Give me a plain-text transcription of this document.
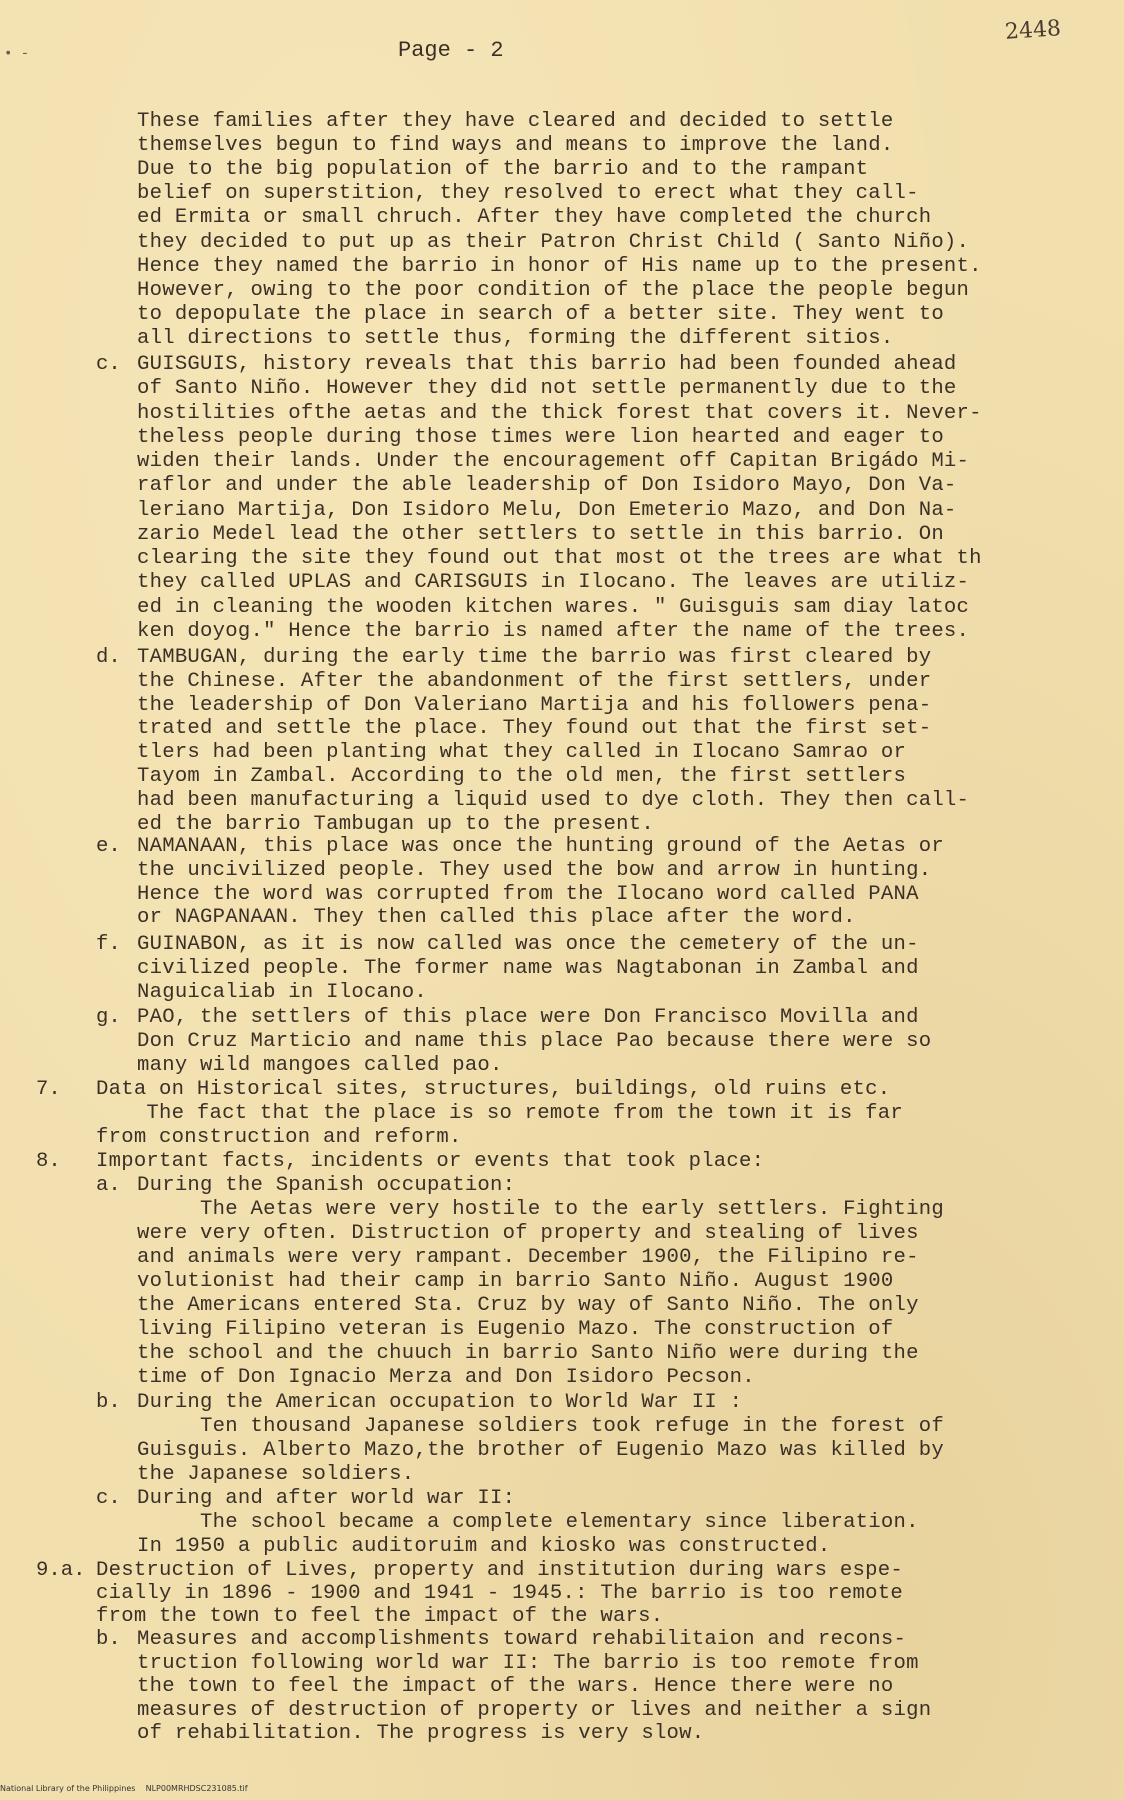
• -	Page - 2
2448
These families after they have cleared and decided to settle
themselves begun to find ways and means to improve the land.
Due to the big population of the barrio and to the rampant
belief on superstition, they resolved to erect what they call-
ed Ermita or small chruch. After they have completed the church
they decided to put up as their Patron Christ Child ( Santo Niño).
Hence they named the barrio in honor of His name up to the present.
However, owing to the poor condition of the place the people begun
to depopulate the place in search of a better site. They went to
all directions to settle thus, forming the different sitios.
c. GUISGUIS, history reveals that this barrio had been founded ahead
of Santo Niño. However they did not settle permanently due to the
hostilities ofthe aetas and the thick forest that covers it. Never-
theless people during those times were lion hearted and eager to
widen their lands. Under the encouragement off Capitan Brigádo Mi-
raflor and under the able leadership of Don Isidoro Mayo, Don Va-
leriano Martija, Don Isidoro Melu, Don Emeterio Mazo, and Don Na-
zario Medel lead the other settlers to settle in this barrio. On
clearing the site they found out that most ot the trees are what th
they called UPLAS and CARISGUIS in Ilocano. The leaves are utiliz-
ed in cleaning the wooden kitchen wares. " Guisguis sam diay latoc
ken doyog." Hence the barrio is named after the name of the trees.
d. TAMBUGAN, during the early time the barrio was first cleared by
the Chinese. After the abandonment of the first settlers, under
the leadership of Don Valeriano Martija and his followers pena-
trated and settle the place. They found out that the first set-
tlers had been planting what they called in Ilocano Samrao or
Tayom in Zambal. According to the old men, the first settlers
had been manufacturing a liquid used to dye cloth. They then call-
ed the barrio Tambugan up to the present.
e. NAMANAAN, this place was once the hunting ground of the Aetas or
the uncivilized people. They used the bow and arrow in hunting.
Hence the word was corrupted from the Ilocano word called PANA
or NAGPANAAN. They then called this place after the word.
f. GUINABON, as it is now called was once the cemetery of the un-
civilized people. The former name was Nagtabonan in Zambal and
Naguicaliab in Ilocano.
g. PAO, the settlers of this place were Don Francisco Movilla and
Don Cruz Marticio and name this place Pao because there were so
many wild mangoes called pao.
7. Data on Historical sites, structures, buildings, old ruins etc.
The fact that the place is so remote from the town it is far
from construction and reform.
8. Important facts, incidents or events that took place:
a. During the Spanish occupation:
The Aetas were very hostile to the early settlers. Fighting
were very often. Distruction of property and stealing of lives
and animals were very rampant. December 1900, the Filipino re-
volutionist had their camp in barrio Santo Niño. August 1900
the Americans entered Sta. Cruz by way of Santo Niño. The only
living Filipino veteran is Eugenio Mazo. The construction of
the school and the chuuch in barrio Santo Niño were during the
time of Don Ignacio Merza and Don Isidoro Pecson.
b. During the American occupation to World War II :
Ten thousand Japanese soldiers took refuge in the forest of
Guisguis. Alberto Mazo,the brother of Eugenio Mazo was killed by
the Japanese soldiers.
c. During and after world war II:
The school became a complete elementary since liberation.
In 1950 a public auditoruim and kiosko was constructed.
9.a. Destruction of Lives, property and institution during wars espe-
cially in 1896 - 1900 and 1941 - 1945.: The barrio is too remote
from the town to feel the impact of the wars.
b. Measures and accomplishments toward rehabilitaion and recons-
truction following world war II: The barrio is too remote from
the town to feel the impact of the wars. Hence there were no
measures of destruction of property or lives and neither a sign
of rehabilitation. The progress is very slow.
National Library of the Philippines    NLP00MRHDSC231085.tif
